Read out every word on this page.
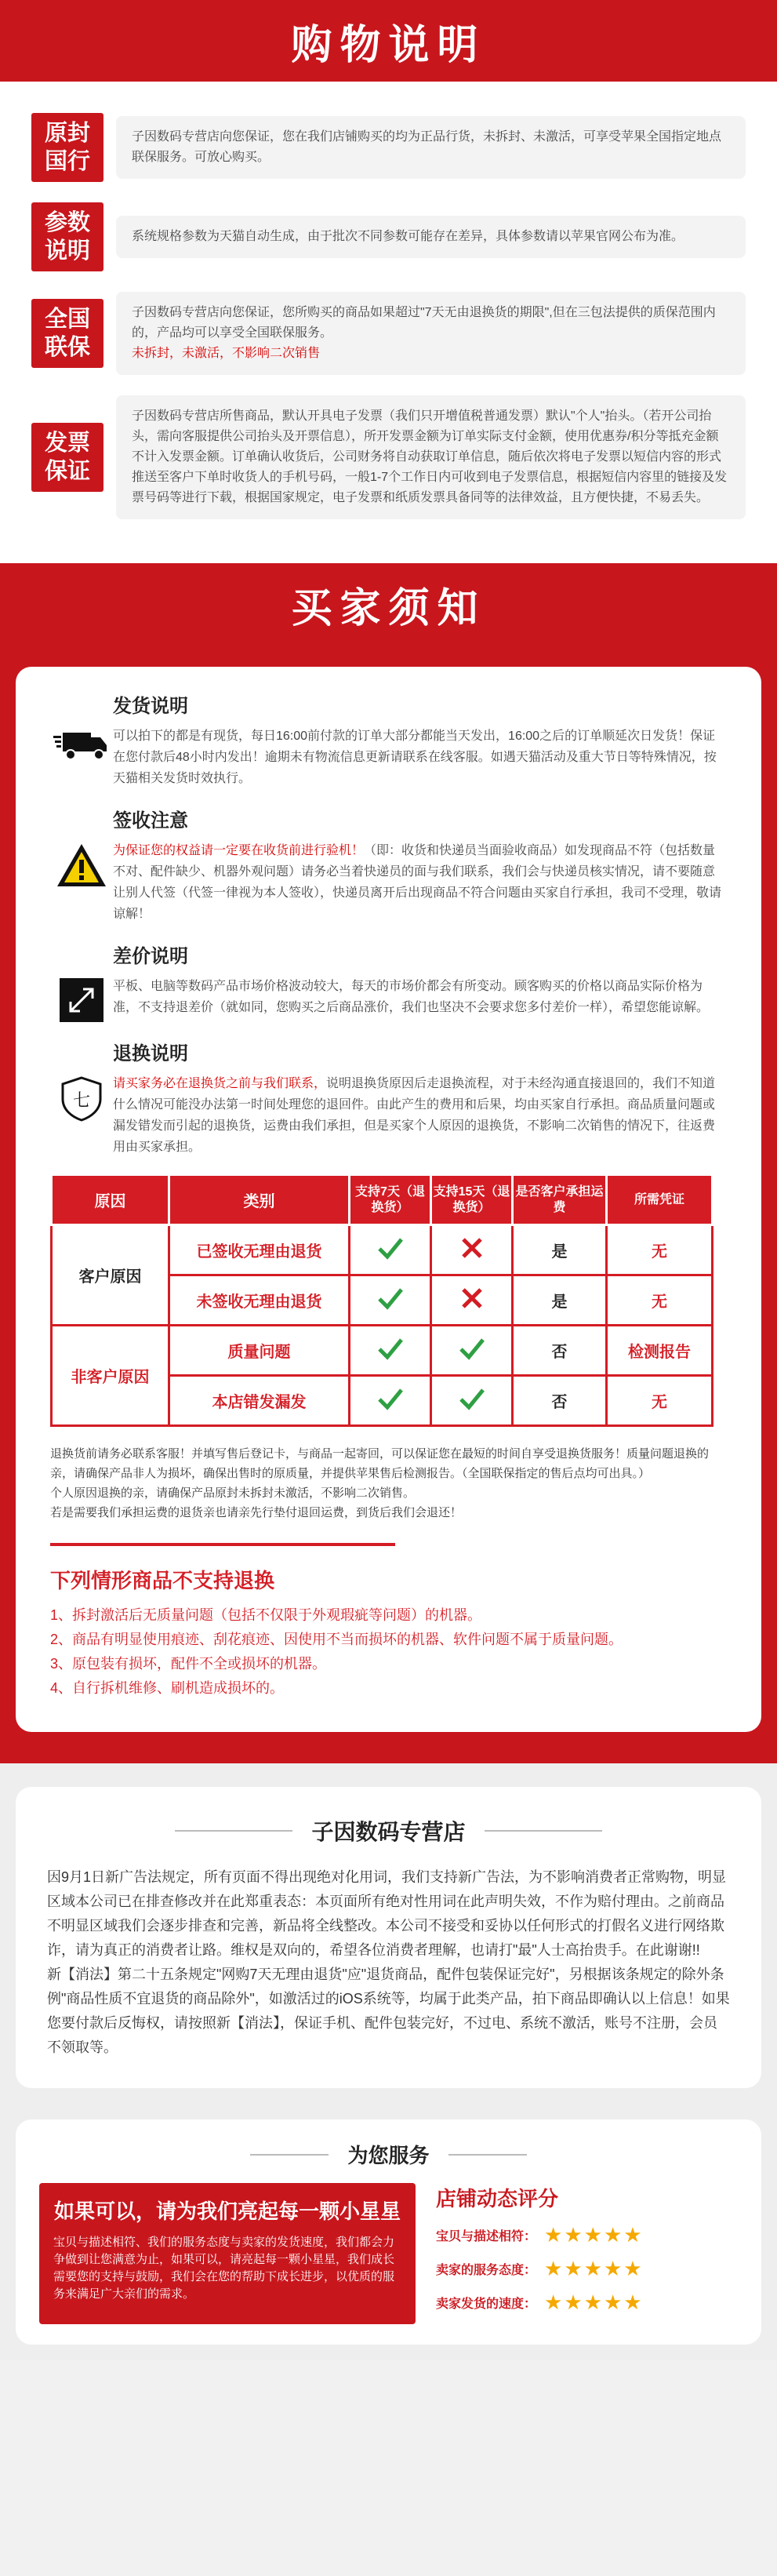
购物说明
原封国行
子因数码专营店向您保证，您在我们店铺购买的均为正品行货，未拆封、未激活，可享受苹果全国指定地点联保服务。可放心购买。
参数说明
系统规格参数为天猫自动生成，由于批次不同参数可能存在差异，具体参数请以苹果官网公布为准。
全国联保
子因数码专营店向您保证，您所购买的商品如果超过"7天无由退换货的期限",但在三包法提供的质保范围内的，产品均可以享受全国联保服务。
未拆封，未激活，不影响二次销售
发票保证
子因数码专营店所售商品，默认开具电子发票（我们只开增值税普通发票）默认"个人"抬头。（若开公司抬头，需向客服提供公司抬头及开票信息），所开发票金额为订单实际支付金额，使用优惠券/积分等抵充金额不计入发票金额。订单确认收货后，公司财务将自动获取订单信息，随后依次将电子发票以短信内容的形式推送至客户下单时收货人的手机号码，一般1-7个工作日内可收到电子发票信息，根据短信内容里的链接及发票号码等进行下载，根据国家规定，电子发票和纸质发票具备同等的法律效益，且方便快捷，不易丢失。
买家须知
发货说明

可以拍下的都是有现货，每日16:00前付款的订单大部分都能当天发出，16:00之后的订单顺延次日发货！保证在您付款后48小时内发出！逾期未有物流信息更新请联系在线客服。如遇天猫活动及重大节日等特殊情况，按天猫相关发货时效执行。

签收注意

为保证您的权益请一定要在收货前进行验机！（即：收货和快递员当面验收商品）如发现商品不符（包括数量不对、配件缺少、机器外观问题）请务必当着快递员的面与我们联系，我们会与快递员核实情况，请不要随意让别人代签（代签一律视为本人签收），快递员离开后出现商品不符合问题由买家自行承担，我司不受理，敬请谅解！

差价说明

平板、电脑等数码产品市场价格波动较大，每天的市场价都会有所变动。顾客购买的价格以商品实际价格为准，不支持退差价（就如同，您购买之后商品涨价，我们也坚决不会要求您多付差价一样），希望您能谅解。

七
退换说明

请买家务必在退换货之前与我们联系，说明退换货原因后走退换流程，对于未经沟通直接退回的，我们不知道什么情况可能没办法第一时间处理您的退回件。由此产生的费用和后果，均由买家自行承担。商品质量问题或漏发错发而引起的退换货，运费由我们承担，但是买家个人原因的退换货，不影响二次销售的情况下，往返费用由买家承担。

原因	类别	支持7天（退换货）	支持15天（退换货）	是否客户承担运费	所需凭证
客户原因	已签收无理由退货			是	无
	未签收无理由退货			是	无
非客户原因	质量问题			否	检测报告
	本店错发漏发			否	无

退换货前请务必联系客服！并填写售后登记卡，与商品一起寄回，可以保证您在最短的时间自享受退换货服务！质量问题退换的亲，请确保产品非人为损坏，确保出售时的原质量，并提供苹果售后检测报告。（全国联保指定的售后点均可出具。）

个人原因退换的亲，请确保产品原封未拆封未激活，不影响二次销售。

若是需要我们承担运费的退货亲也请亲先行垫付退回运费，到货后我们会退还！

下列情形商品不支持退换

1、拆封激活后无质量问题（包括不仅限于外观瑕疵等问题）的机器。

2、商品有明显使用痕迹、刮花痕迹、因使用不当而损坏的机器、软件问题不属于质量问题。

3、原包装有损坏，配件不全或损坏的机器。

4、自行拆机维修、刷机造成损坏的。

子因数码专营店

因9月1日新广告法规定，所有页面不得出现绝对化用词，我们支持新广告法，为不影响消费者正常购物，明显区域本公司已在排查修改并在此郑重表态：本页面所有绝对性用词在此声明失效，不作为赔付理由。之前商品不明显区域我们会逐步排查和完善，新品将全线整改。本公司不接受和妥协以任何形式的打假名义进行网络欺诈，请为真正的消费者让路。维权是双向的，希望各位消费者理解，也请打"最"人士高抬贵手。在此谢谢!!

新【消法】第二十五条规定"网购7天无理由退货"应"退货商品，配件包装保证完好"，另根据该条规定的除外条例"商品性质不宜退货的商品除外"，如激活过的iOS系统等，均属于此类产品，拍下商品即确认以上信息！如果您要付款后反悔权，请按照新【消法】，保证手机、配件包装完好，不过电、系统不激活，账号不注册，会员不领取等。

为您服务
如果可以，请为我们亮起每一颗小星星

宝贝与描述相符、我们的服务态度与卖家的发货速度，我们都会力争做到让您满意为止，如果可以，请亮起每一颗小星星，我们成长需要您的支持与鼓励，我们会在您的帮助下成长进步，以优质的服务来满足广大亲们的需求。

店铺动态评分
宝贝与描述相符： ★★★★★
卖家的服务态度： ★★★★★
卖家发货的速度： ★★★★★
